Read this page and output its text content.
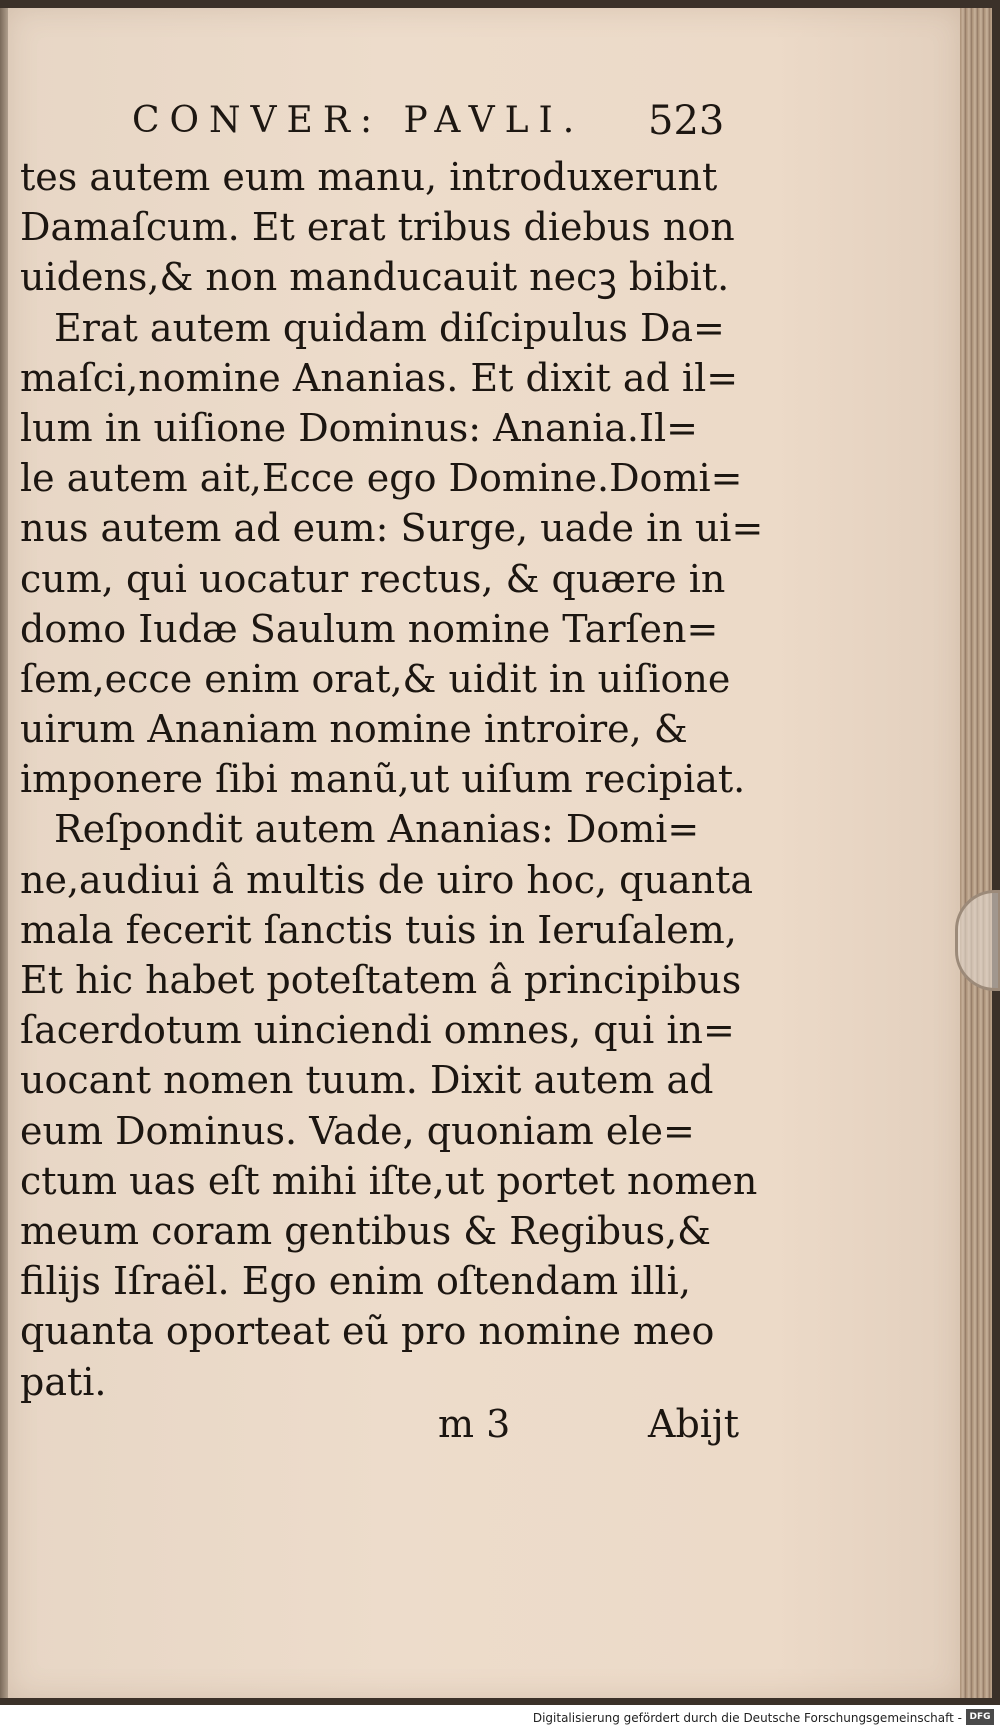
CONVER: PAVLI.	523
tes autem eum manu, introduxerunt
Damaſcum. Et erat tribus diebus non
uidens,& non manducauit necꝫ bibit.
Erat autem quidam diſcipulus Da=
maſci,nomine Ananias. Et dixit ad il=
lum in uiſione Dominus: Anania.Il=
le autem ait,Ecce ego Domine.Domi=
nus autem ad eum: Surge, uade in ui=
cum, qui uocatur rectus, & quære in
domo Iudæ Saulum nomine Tarſen=
ſem,ecce enim orat,& uidit in uiſione
uirum Ananiam nomine introire, &
imponere ſibi manũ,ut uiſum recipiat.
Reſpondit autem Ananias: Domi=
ne,audiui â multis de uiro hoc, quanta
mala fecerit ſanctis tuis in Ieruſalem,
Et hic habet poteſtatem â principibus
ſacerdotum uinciendi omnes, qui in=
uocant nomen tuum. Dixit autem ad
eum Dominus. Vade, quoniam ele=
ctum uas eſt mihi iſte,ut portet nomen
meum coram gentibus & Regibus,&
filijs Iſraël. Ego enim oſtendam illi,
quanta oporteat eũ pro nomine meo
pati.
m 3	Abijt
Digitalisierung gefördert durch die Deutsche Forschungsgemeinschaft - DFG
